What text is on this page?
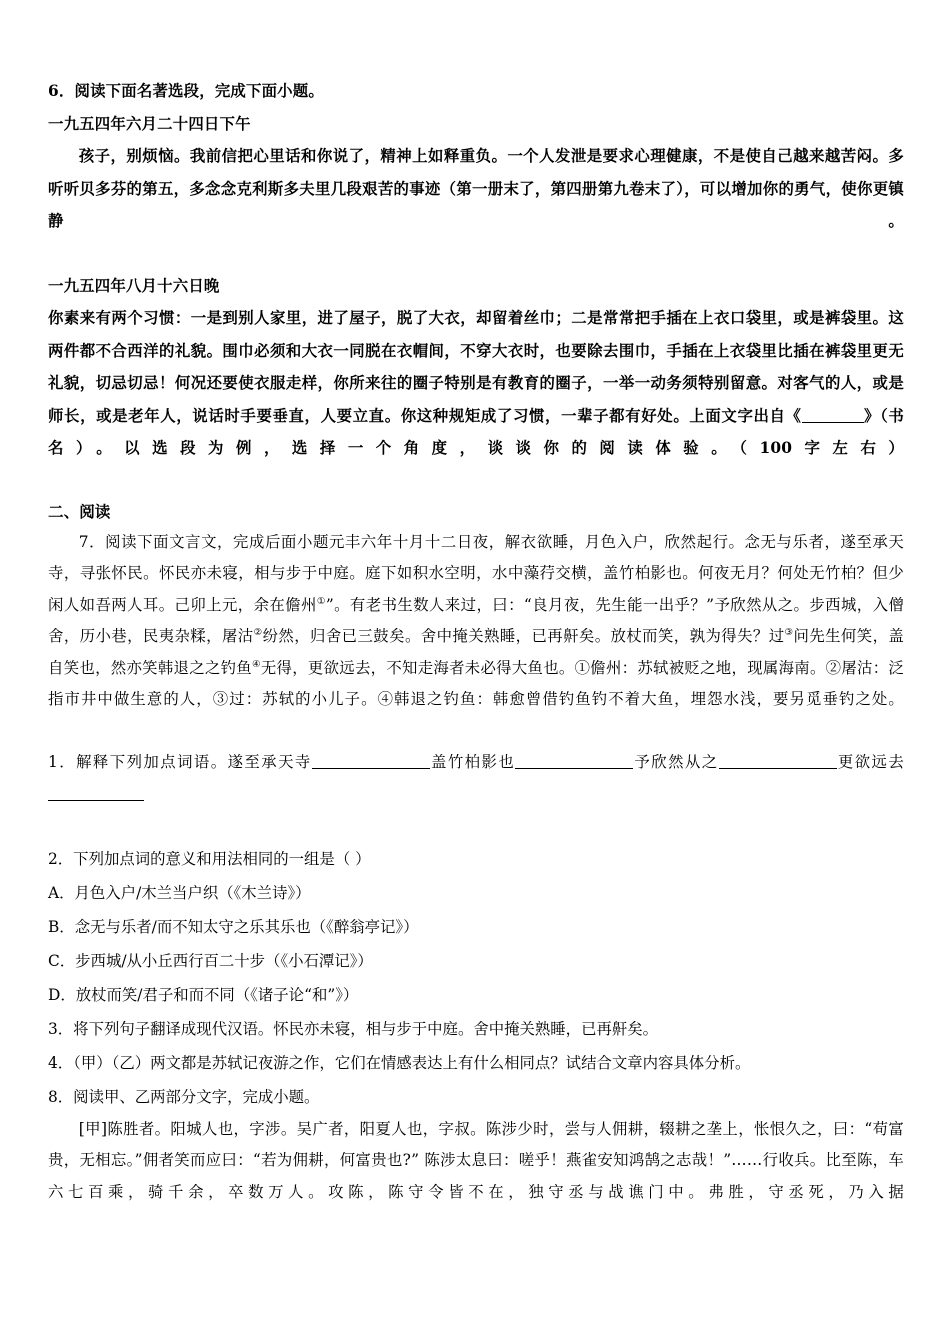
6．阅读下面名著选段，完成下面小题。

一九五四年六月二十四日下午

孩子，别烦恼。我前信把心里话和你说了，精神上如释重负。一个人发泄是要求心理健康，不是使自己越来越苦闷。多听听贝多芬的第五，多念念克利斯多夫里几段艰苦的事迹（第一册末了，第四册第九卷末了），可以增加你的勇气，使你更镇静。

一九五四年八月十六日晚

你素来有两个习惯：一是到别人家里，进了屋子，脱了大衣，却留着丝巾；二是常常把手插在上衣口袋里，或是裤袋里。这两件都不合西洋的礼貌。围巾必须和大衣一同脱在衣帽间，不穿大衣时，也要除去围巾，手插在上衣袋里比插在裤袋里更无礼貌，切忌切忌！何况还要使衣服走样，你所来往的圈子特别是有教育的圈子，一举一动务须特别留意。对客气的人，或是师长，或是老年人，说话时手要垂直，人要立直。你这种规矩成了习惯，一辈子都有好处。上面文字出自《	》（书名）。以选段为例，选择一个角度，谈谈你的阅读体验。（100字左右）

二、阅读

7．阅读下面文言文，完成后面小题元丰六年十月十二日夜，解衣欲睡，月色入户，欣然起行。念无与乐者，遂至承天寺，寻张怀民。怀民亦未寝，相与步于中庭。庭下如积水空明，水中藻荇交横，盖竹柏影也。何夜无月？何处无竹柏？但少闲人如吾两人耳。己卯上元，余在儋州①”。有老书生数人来过，曰：“良月夜，先生能一出乎？”予欣然从之。步西城，入僧舍，历小巷，民夷杂糅，屠沽②纷然，归舍已三鼓矣。舍中掩关熟睡，已再鼾矣。放杖而笑，孰为得失？过③问先生何笑，盖自笑也，然亦笑韩退之之钓鱼④无得，更欲远去，不知走海者未必得大鱼也。①儋州：苏轼被贬之地，现属海南。②屠沽：泛指市井中做生意的人，③过：苏轼的小儿子。④韩退之钓鱼：韩愈曾借钓鱼钓不着大鱼，埋怨水浅，要另觅垂钓之处。

1．解释下列加点词语。遂至承天寺	盖竹柏影也	予欣然从之	更欲远去

2．下列加点词的意义和用法相同的一组是（ ）

A．月色入户/木兰当户织（《木兰诗》）

B．念无与乐者/而不知太守之乐其乐也（《醉翁亭记》）

C．步西城/从小丘西行百二十步（《小石潭记》）

D．放杖而笑/君子和而不同（《诸子论“和”》）

3．将下列句子翻译成现代汉语。怀民亦未寝，相与步于中庭。舍中掩关熟睡，已再鼾矣。

4．（甲）（乙）两文都是苏轼记夜游之作，它们在情感表达上有什么相同点？试结合文章内容具体分析。

8．阅读甲、乙两部分文字，完成小题。

[甲]陈胜者。阳城人也，字涉。吴广者，阳夏人也，字叔。陈涉少时，尝与人佣耕，辍耕之垄上，怅恨久之，曰：“苟富贵，无相忘。”佣者笑而应曰：“若为佣耕，何富贵也?” 陈涉太息曰：嗟乎！燕雀安知鸿鹄之志哉！”……行收兵。比至陈，车六七百乘，骑千余，卒数万人。攻陈，陈守令皆不在，独守丞与战谯门中。弗胜，守丞死，乃入据
